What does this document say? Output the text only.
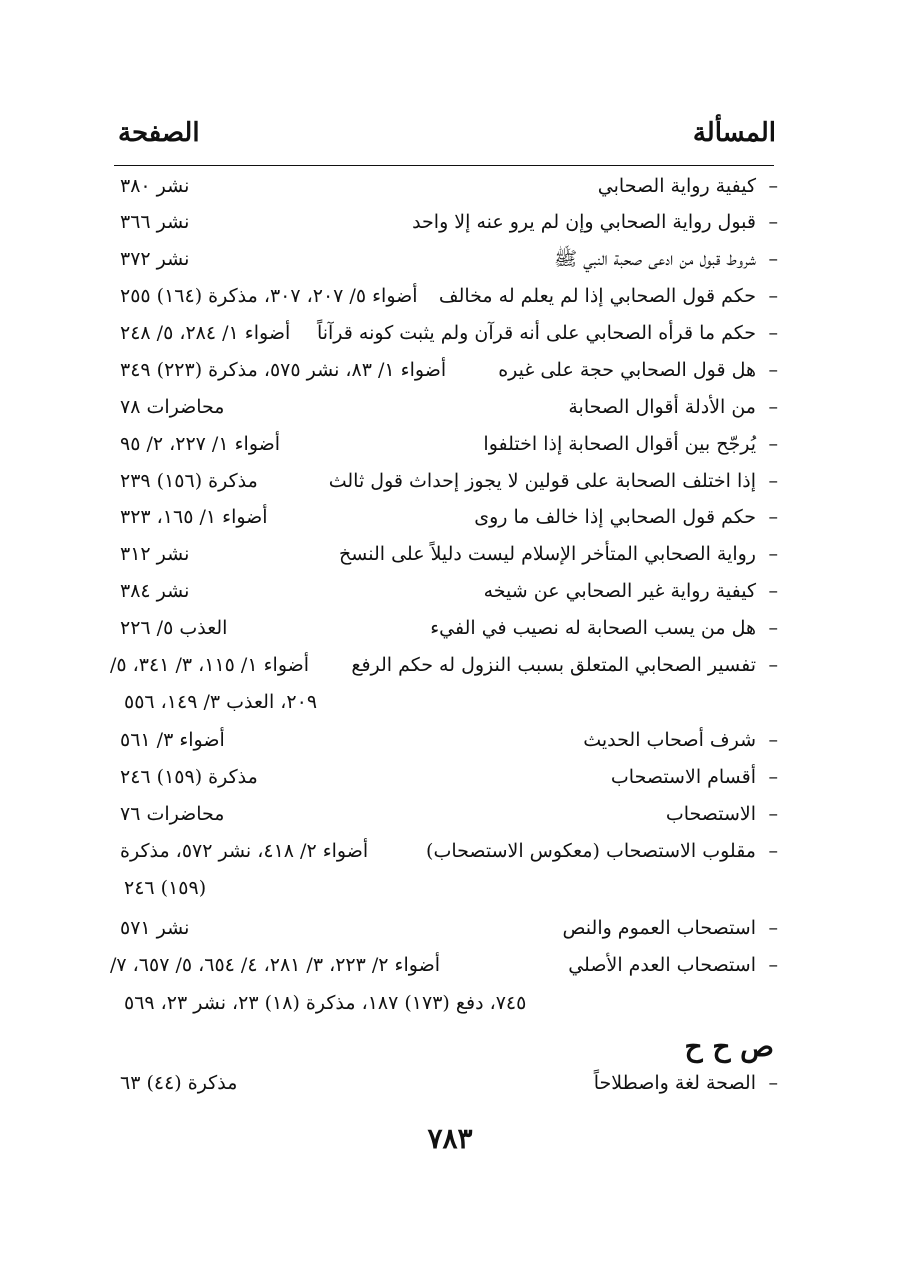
المسألة
الصفحة
–
كيفية رواية الصحابي
نشر ٣٨٠
–
قبول رواية الصحابي وإن لم يرو عنه إلا واحد
نشر ٣٦٦
–
شروط قبول من ادعى صحبة النبي ﷺ
نشر ٣٧٢
–
حكم قول الصحابي إذا لم يعلم له مخالف
أضواء ٥/ ٢٠٧، ٣٠٧، مذكرة (١٦٤) ٢٥٥
–
حكم ما قرأه الصحابي على أنه قرآن ولم يثبت كونه قرآناً
أضواء ١/ ٢٨٤، ٥/ ٢٤٨
–
هل قول الصحابي حجة على غيره
أضواء ١/ ٨٣، نشر ٥٧٥، مذكرة (٢٢٣) ٣٤٩
–
من الأدلة أقوال الصحابة
محاضرات ٧٨
–
يُرجّح بين أقوال الصحابة إذا اختلفوا
أضواء ١/ ٢٢٧، ٢/ ٩٥
–
إذا اختلف الصحابة على قولين لا يجوز إحداث قول ثالث
مذكرة (١٥٦) ٢٣٩
–
حكم قول الصحابي إذا خالف ما روى
أضواء ١/ ١٦٥، ٣٢٣
–
رواية الصحابي المتأخر الإسلام ليست دليلاً على النسخ
نشر ٣١٢
–
كيفية رواية غير الصحابي عن شيخه
نشر ٣٨٤
–
هل من يسب الصحابة له نصيب في الفيء
العذب ٥/ ٢٢٦
–
تفسير الصحابي المتعلق بسبب النزول له حكم الرفع
أضواء ١/ ١١٥، ٣/ ٣٤١، ٥/
٢٠٩، العذب ٣/ ١٤٩، ٥٥٦
–
شرف أصحاب الحديث
أضواء ٣/ ٥٦١
–
أقسام الاستصحاب
مذكرة (١٥٩) ٢٤٦
–
الاستصحاب
محاضرات ٧٦
–
مقلوب الاستصحاب (معكوس الاستصحاب)
أضواء ٢/ ٤١٨، نشر ٥٧٢، مذكرة
(١٥٩) ٢٤٦
–
استصحاب العموم والنص
نشر ٥٧١
–
استصحاب العدم الأصلي
أضواء ٢/ ٢٢٣، ٣/ ٢٨١، ٤/ ٦٥٤، ٥/ ٦٥٧، ٧/
٧٤٥، دفع (١٧٣) ١٨٧، مذكرة (١٨) ٢٣، نشر ٢٣، ٥٦٩
ص ح ح
–
الصحة لغة واصطلاحاً
مذكرة (٤٤) ٦٣
٧٨٣
